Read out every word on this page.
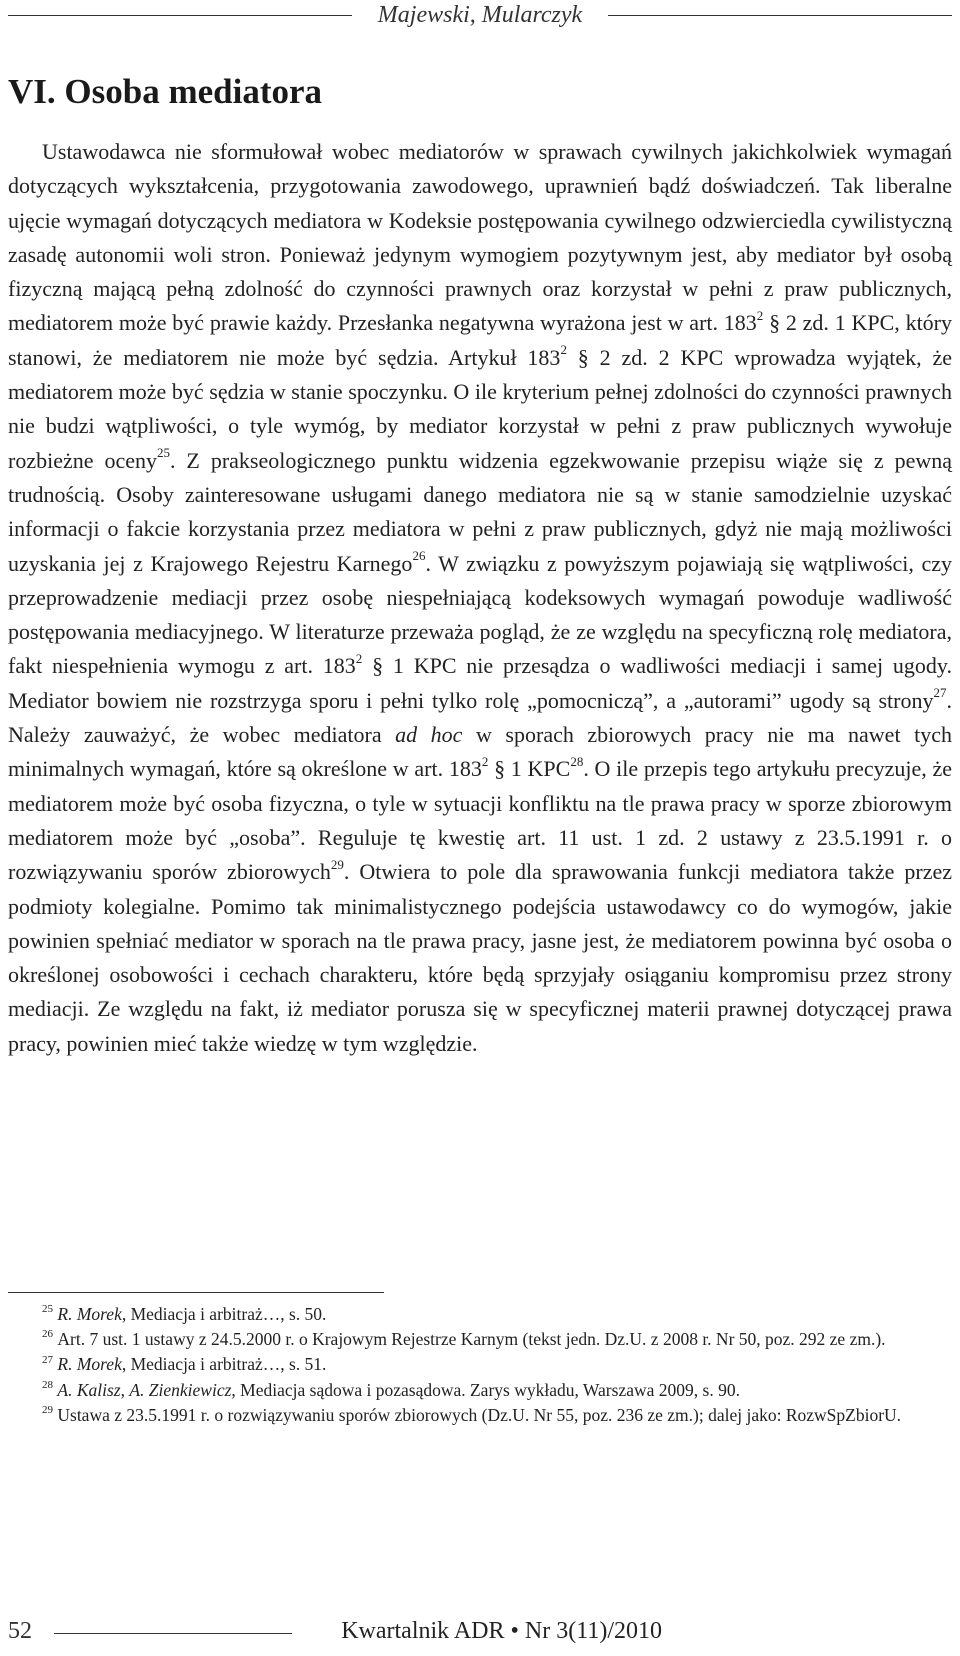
Majewski, Mularczyk
VI. Osoba mediatora

Ustawodawca nie sformułował wobec mediatorów w sprawach cywilnych jakichkolwiek wymagań dotyczących wykształcenia, przygotowania zawodowego, uprawnień bądź doświadczeń. Tak liberalne ujęcie wymagań dotyczących mediatora w Kodeksie postępowania cywilnego odzwierciedla cywilistyczną zasadę autonomii woli stron. Ponieważ jedynym wymogiem pozytywnym jest, aby mediator był osobą fizyczną mającą pełną zdolność do czynności prawnych oraz korzystał w pełni z praw publicznych, mediatorem może być prawie każdy. Przesłanka negatywna wyrażona jest w art. $183^2$ § 2 zd. 1 KPC, który stanowi, że mediatorem nie może być sędzia. Artykuł $183^2$ § 2 zd. 2 KPC wprowadza wyjątek, że mediatorem może być sędzia w stanie spoczynku. O ile kryterium pełnej zdolności do czynności prawnych nie budzi wątpliwości, o tyle wymóg, by mediator korzystał w pełni z praw publicznych wywołuje rozbieżne oceny$^{25}$. Z prakseologicznego punktu widzenia egzekwowanie przepisu wiąże się z pewną trudnością. Osoby zainteresowane usługami danego mediatora nie są w stanie samodzielnie uzyskać informacji o fakcie korzystania przez mediatora w pełni z praw publicznych, gdyż nie mają możliwości uzyskania jej z Krajowego Rejestru Karnego$^{26}$. W związku z powyższym pojawiają się wątpliwości, czy przeprowadzenie mediacji przez osobę niespełniającą kodeksowych wymagań powoduje wadliwość postępowania mediacyjnego. W literaturze przeważa pogląd, że ze względu na specyficzną rolę mediatora, fakt niespełnienia wymogu z art. $183^2$ § 1 KPC nie przesądza o wadliwości mediacji i samej ugody. Mediator bowiem nie rozstrzyga sporu i pełni tylko rolę „pomocniczą”, a „autorami” ugody są strony$^{27}$. Należy zauważyć, że wobec mediatora ad hoc w sporach zbiorowych pracy nie ma nawet tych minimalnych wymagań, które są określone w art. $183^2$ § 1 KPC$^{28}$. O ile przepis tego artykułu precyzuje, że mediatorem może być osoba fizyczna, o tyle w sytuacji konfliktu na tle prawa pracy w sporze zbiorowym mediatorem może być „osoba”. Reguluje tę kwestię art. 11 ust. 1 zd. 2 ustawy z 23.5.1991 r. o rozwiązywaniu sporów zbiorowych$^{29}$. Otwiera to pole dla sprawowania funkcji mediatora także przez podmioty kolegialne. Pomimo tak minimalistycznego podejścia ustawodawcy co do wymogów, jakie powinien spełniać mediator w sporach na tle prawa pracy, jasne jest, że mediatorem powinna być osoba o określonej osobowości i cechach charakteru, które będą sprzyjały osiąganiu kompromisu przez strony mediacji. Ze względu na fakt, iż mediator porusza się w specyficznej materii prawnej dotyczącej prawa pracy, powinien mieć także wiedzę w tym względzie.

$^{25}$ R. Morek, Mediacja i arbitraż…, s. 50.

$^{26}$ Art. 7 ust. 1 ustawy z 24.5.2000 r. o Krajowym Rejestrze Karnym (tekst jedn. Dz.U. z 2008 r. Nr 50, poz. 292 ze zm.).

$^{27}$ R. Morek, Mediacja i arbitraż…, s. 51.

$^{28}$ A. Kalisz, A. Zienkiewicz, Mediacja sądowa i pozasądowa. Zarys wykładu, Warszawa 2009, s. 90.

$^{29}$ Ustawa z 23.5.1991 r. o rozwiązywaniu sporów zbiorowych (Dz.U. Nr 55, poz. 236 ze zm.); dalej jako: RozwSpZbiorU.

52	Kwartalnik ADR • Nr 3(11)/2010
